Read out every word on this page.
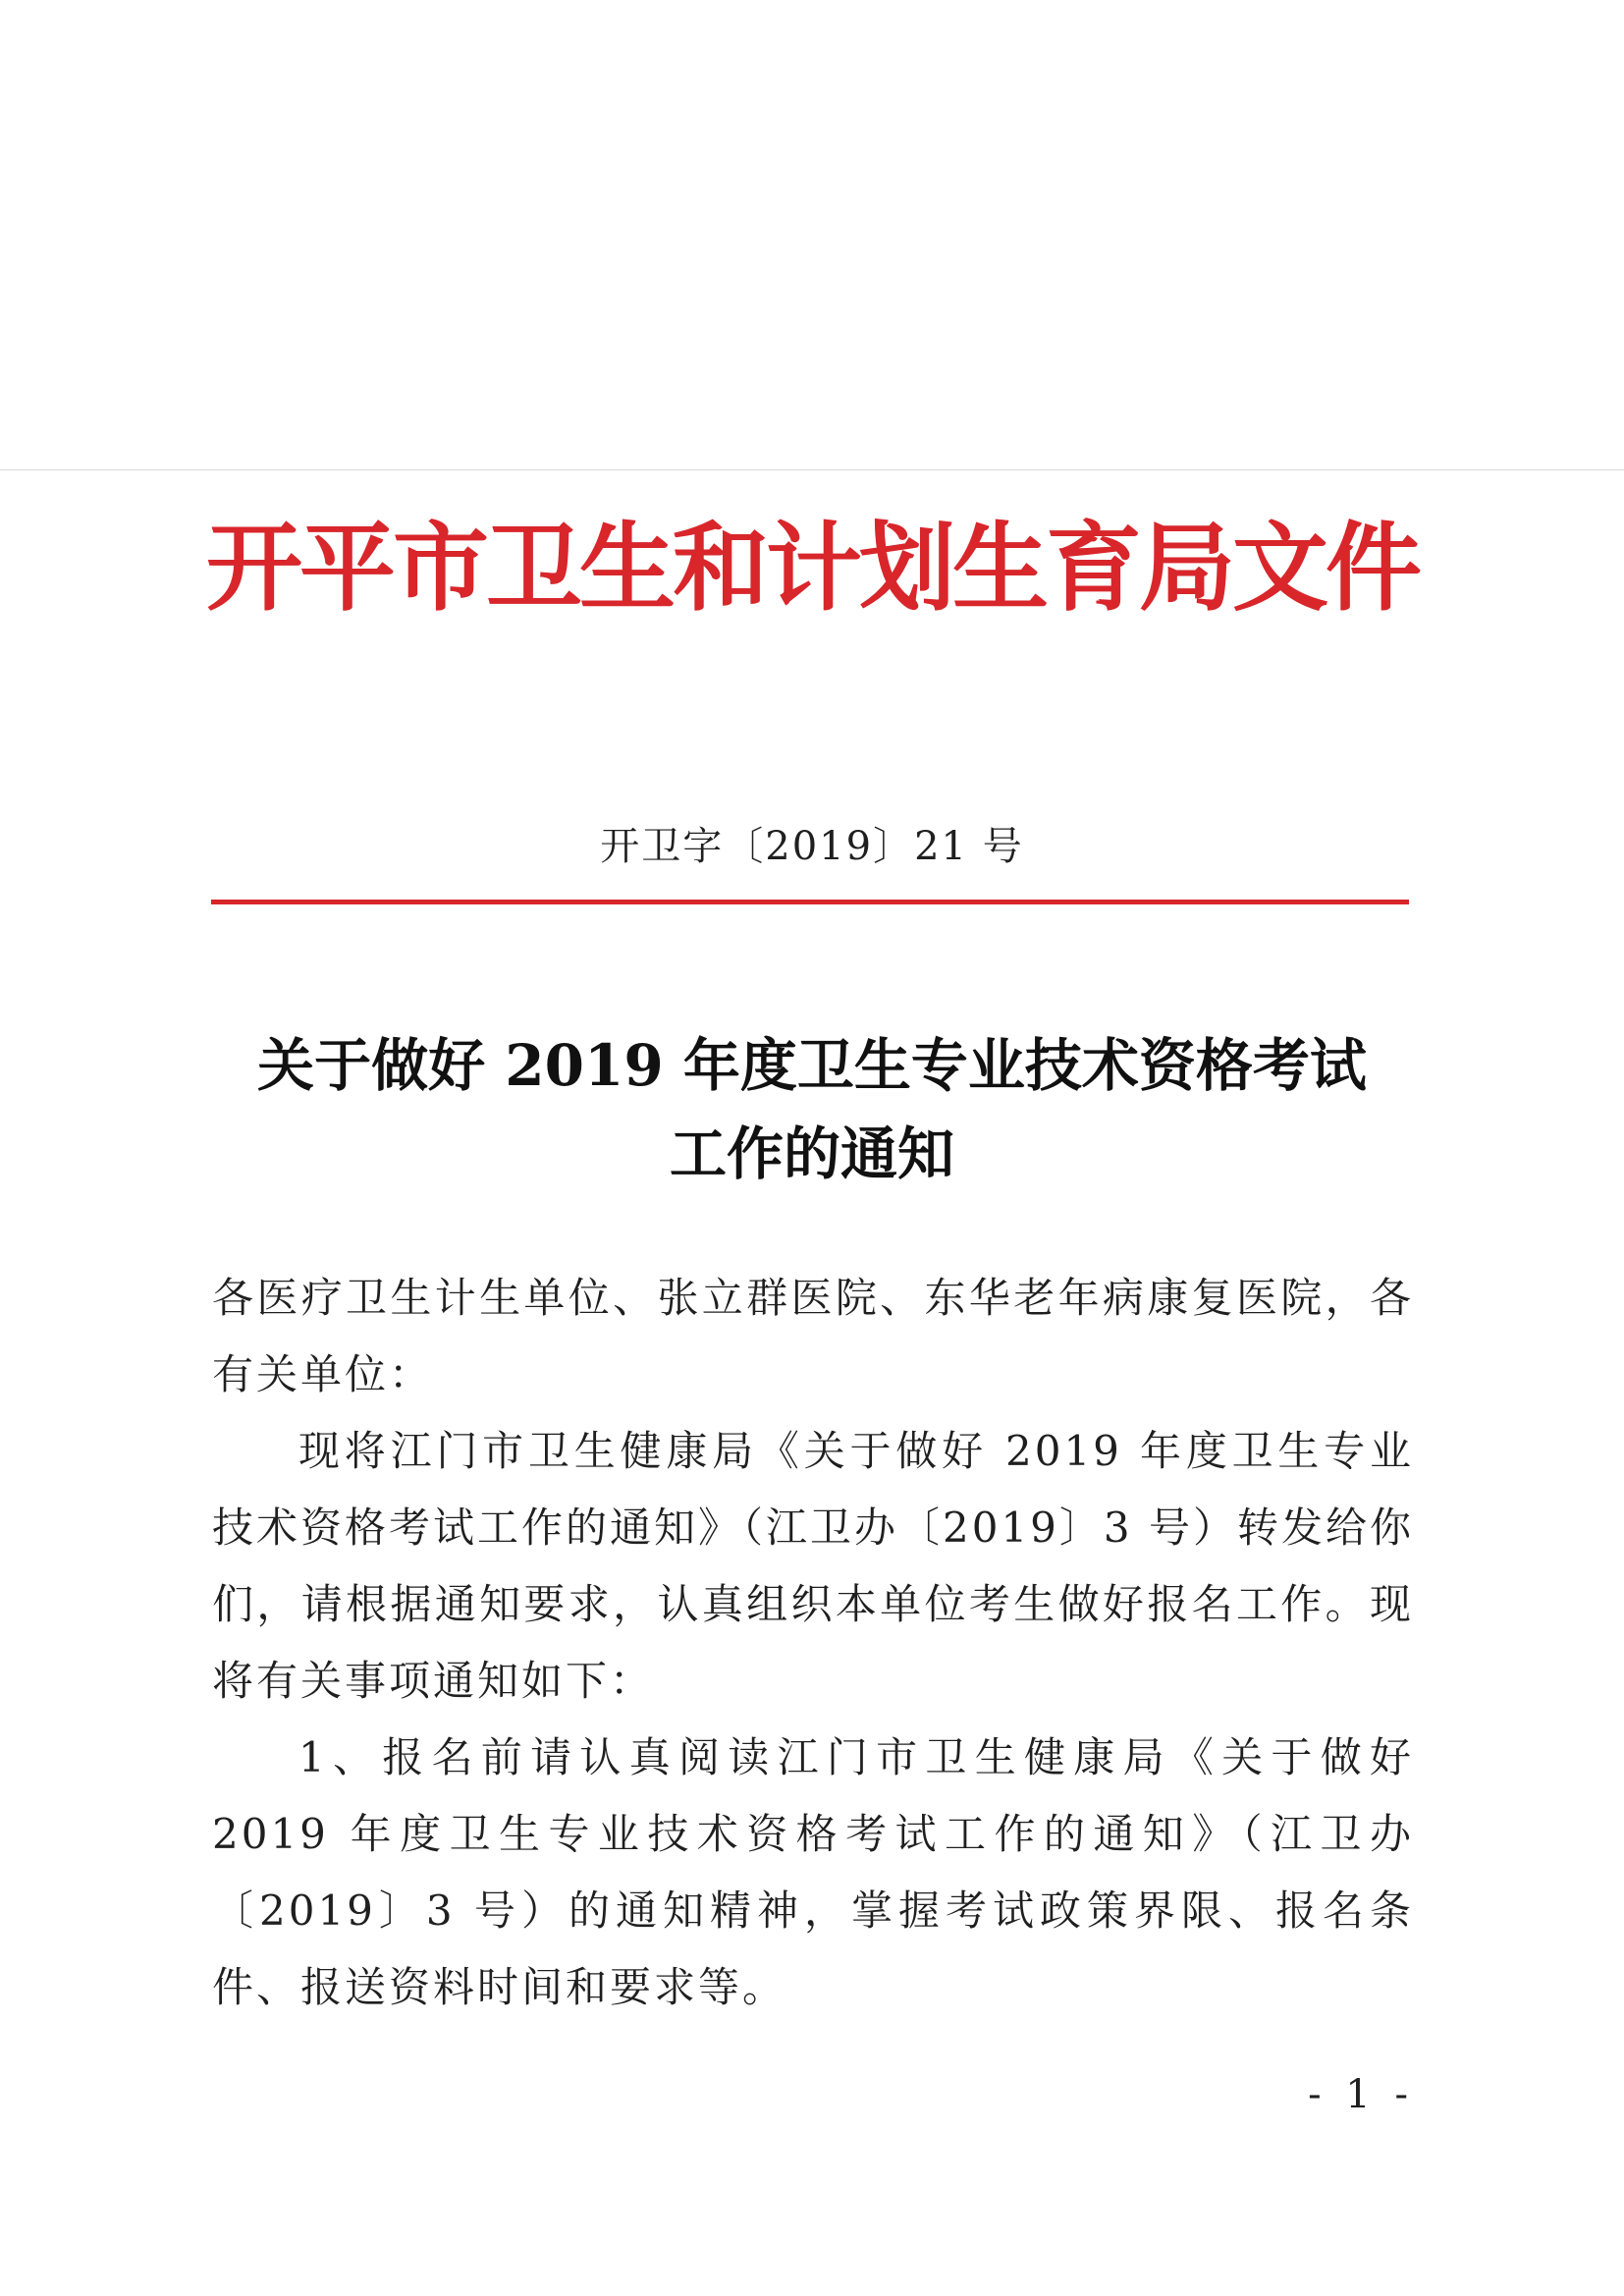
开平市卫生和计划生育局文件
开卫字〔2019〕21 号
关于做好 2019 年度卫生专业技术资格考试
工作的通知

各医疗卫生计生单位、张立群医院、东华老年病康复医院，各有关单位：

现将江门市卫生健康局《关于做好 2019 年度卫生专业技术资格考试工作的通知》（江卫办〔2019〕3 号）转发给你们，请根据通知要求，认真组织本单位考生做好报名工作。现将有关事项通知如下：

1、报名前请认真阅读江门市卫生健康局《关于做好 2019 年度卫生专业技术资格考试工作的通知》（江卫办〔2019〕3 号）的通知精神，掌握考试政策界限、报名条件、报送资料时间和要求等。

- 1 -
